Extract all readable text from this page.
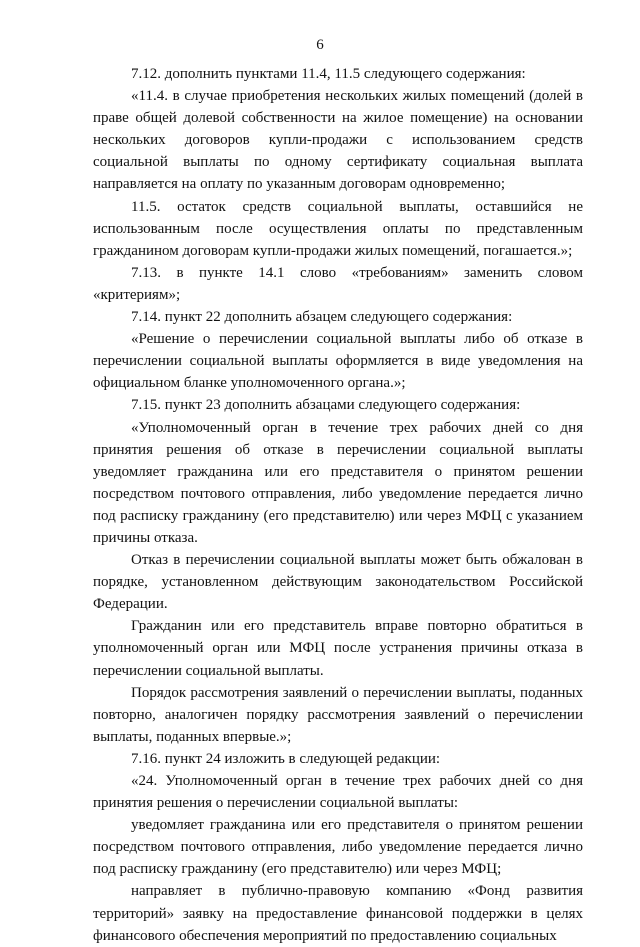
6

7.12. дополнить пунктами 11.4, 11.5 следующего содержания:

«11.4. в случае приобретения нескольких жилых помещений (долей в праве общей долевой собственности на жилое помещение) на основании нескольких договоров купли-продажи с использованием средств социальной выплаты по одному сертификату социальная выплата направляется на оплату по указанным договорам одновременно;

11.5. остаток средств социальной выплаты, оставшийся не использованным после осуществления оплаты по представленным гражданином договорам купли-продажи жилых помещений, погашается.»;

7.13. в пункте 14.1 слово «требованиям» заменить словом «критериям»;

7.14. пункт 22 дополнить абзацем следующего содержания:

«Решение о перечислении социальной выплаты либо об отказе в перечислении социальной выплаты оформляется в виде уведомления на официальном бланке уполномоченного органа.»;

7.15. пункт 23 дополнить абзацами следующего содержания:

«Уполномоченный орган в течение трех рабочих дней со дня принятия решения об отказе в перечислении социальной выплаты уведомляет гражданина или его представителя о принятом решении посредством почтового отправления, либо уведомление передается лично под расписку гражданину (его представителю) или через МФЦ с указанием причины отказа.

Отказ в перечислении социальной выплаты может быть обжалован в порядке, установленном действующим законодательством Российской Федерации.

Гражданин или его представитель вправе повторно обратиться в уполномоченный орган или МФЦ после устранения причины отказа в перечислении социальной выплаты.

Порядок рассмотрения заявлений о перечислении выплаты, поданных повторно, аналогичен порядку рассмотрения заявлений о перечислении выплаты, поданных впервые.»;

7.16. пункт 24 изложить в следующей редакции:

«24. Уполномоченный орган в течение трех рабочих дней со дня принятия решения о перечислении социальной выплаты:

уведомляет гражданина или его представителя о принятом решении посредством почтового отправления, либо уведомление передается лично под расписку гражданину (его представителю) или через МФЦ;

направляет в публично-правовую компанию «Фонд развития территорий» заявку на предоставление финансовой поддержки в целях финансового обеспечения мероприятий по предоставлению социальных
